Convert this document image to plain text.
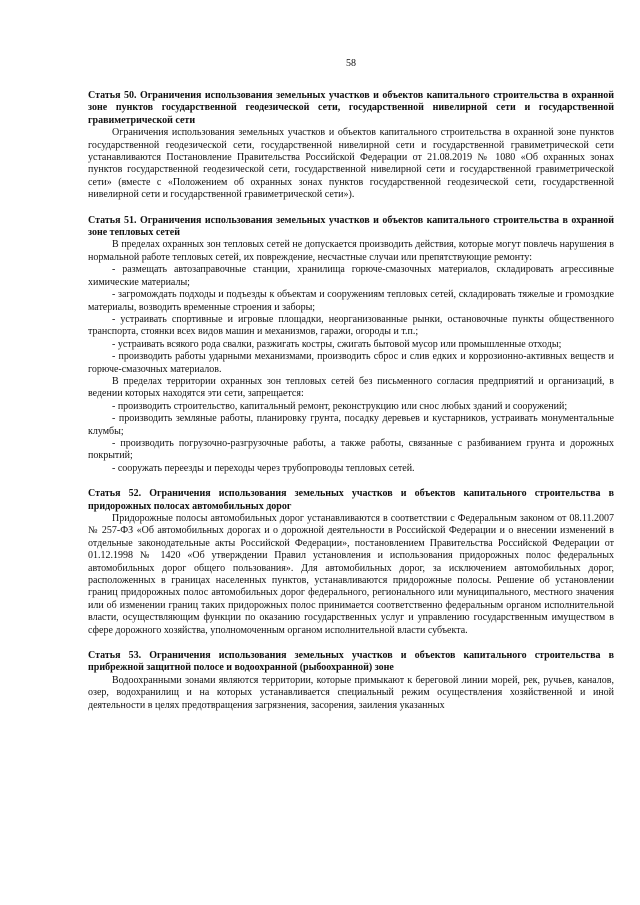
58

Статья 50. Ограничения использования земельных участков и объектов капитального строительства в охранной зоне пунктов государственной геодезической сети, государственной нивелирной сети и государственной гравиметрической сети

Ограничения использования земельных участков и объектов капитального строительства в охранной зоне пунктов государственной геодезической сети, государственной нивелирной сети и государственной гравиметрической сети устанавливаются Постановление Правительства Российской Федерации от 21.08.2019 № 1080 «Об охранных зонах пунктов государственной геодезической сети, государственной нивелирной сети и государственной гравиметрической сети» (вместе с «Положением об охранных зонах пунктов государственной геодезической сети, государственной нивелирной сети и государственной гравиметрической сети»).

Статья 51. Ограничения использования земельных участков и объектов капитального строительства в охранной зоне тепловых сетей

В пределах охранных зон тепловых сетей не допускается производить действия, которые могут повлечь нарушения в нормальной работе тепловых сетей, их повреждение, несчастные случаи или препятствующие ремонту:

- размещать автозаправочные станции, хранилища горюче-смазочных материалов, складировать агрессивные химические материалы;

- загромождать подходы и подъезды к объектам и сооружениям тепловых сетей, складировать тяжелые и громоздкие материалы, возводить временные строения и заборы;

- устраивать спортивные и игровые площадки, неорганизованные рынки, остановочные пункты общественного транспорта, стоянки всех видов машин и механизмов, гаражи, огороды и т.п.;

- устраивать всякого рода свалки, разжигать костры, сжигать бытовой мусор или промышленные отходы;

- производить работы ударными механизмами, производить сброс и слив едких и коррозионно-активных веществ и горюче-смазочных материалов.

В пределах территории охранных зон тепловых сетей без письменного согласия предприятий и организаций, в ведении которых находятся эти сети, запрещается:

- производить строительство, капитальный ремонт, реконструкцию или снос любых зданий и сооружений;

- производить земляные работы, планировку грунта, посадку деревьев и кустарников, устраивать монументальные клумбы;

- производить погрузочно-разгрузочные работы, а также работы, связанные с разбиванием грунта и дорожных покрытий;

- сооружать переезды и переходы через трубопроводы тепловых сетей.

Статья 52. Ограничения использования земельных участков и объектов капитального строительства в придорожных полосах автомобильных дорог

Придорожные полосы автомобильных дорог устанавливаются в соответствии с Федеральным законом от 08.11.2007 № 257-ФЗ «Об автомобильных дорогах и о дорожной деятельности в Российской Федерации и о внесении изменений в отдельные законодательные акты Российской Федерации», постановлением Правительства Российской Федерации от 01.12.1998 № 1420 «Об утверждении Правил установления и использования придорожных полос федеральных автомобильных дорог общего пользования». Для автомобильных дорог, за исключением автомобильных дорог, расположенных в границах населенных пунктов, устанавливаются придорожные полосы. Решение об установлении границ придорожных полос автомобильных дорог федерального, регионального или муниципального, местного значения или об изменении границ таких придорожных полос принимается соответственно федеральным органом исполнительной власти, осуществляющим функции по оказанию государственных услуг и управлению государственным имуществом в сфере дорожного хозяйства, уполномоченным органом исполнительной власти субъекта.

Статья 53. Ограничения использования земельных участков и объектов капитального строительства в прибрежной защитной полосе и водоохранной (рыбоохранной) зоне

Водоохранными зонами являются территории, которые примыкают к береговой линии морей, рек, ручьев, каналов, озер, водохранилищ и на которых устанавливается специальный режим осуществления хозяйственной и иной деятельности в целях предотвращения загрязнения, засорения, заиления указанных
